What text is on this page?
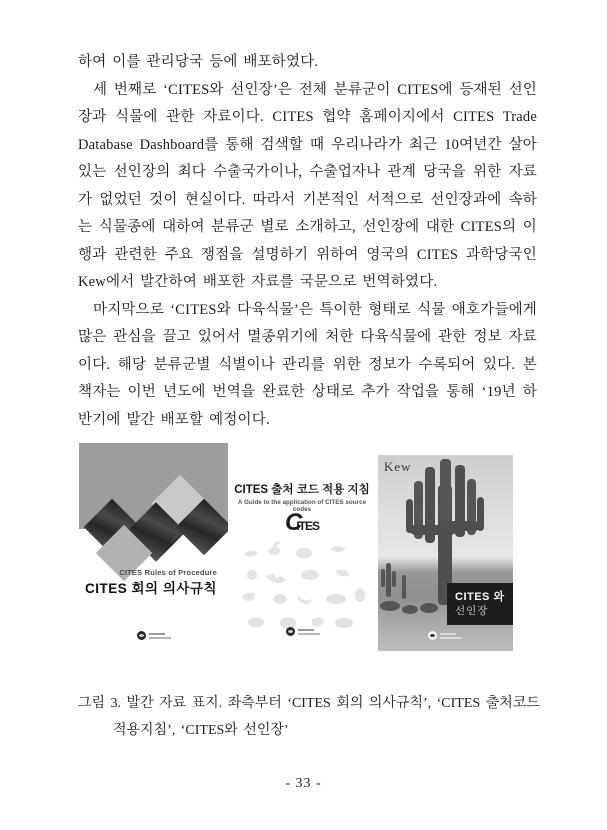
하여 이를 관리당국 등에 배포하였다.

세 번째로 ‘CITES와 선인장’은 전체 분류군이 CITES에 등재된 선인장과 식물에 관한 자료이다. CITES 협약 홈페이지에서 CITES Trade Database Dashboard를 통해 검색할 때 우리나라가 최근 10여년간 살아있는 선인장의 최다 수출국가이나, 수출업자나 관계 당국을 위한 자료가 없었던 것이 현실이다. 따라서 기본적인 서적으로 선인장과에 속하는 식물종에 대하여 분류군 별로 소개하고, 선인장에 대한 CITES의 이행과 관련한 주요 쟁점을 설명하기 위하여 영국의 CITES 과학당국인 Kew에서 발간하여 배포한 자료를 국문으로 번역하였다.

마지막으로 ‘CITES와 다육식물’은 특이한 형태로 식물 애호가들에게 많은 관심을 끌고 있어서 멸종위기에 처한 다육식물에 관한 정보 자료이다. 해당 분류군별 식별이나 관리를 위한 정보가 수록되어 있다. 본 책자는 이번 년도에 번역을 완료한 상태로 추가 작업을 통해 ‘19년 하반기에 발간 배포할 예정이다.

CITES Rules of Procedure
CITES 회의 의사규칙
CITES 출처 코드 적용 지침
A Guide to the application of CITES source codes
CITES
Kew
CITES 와
선인장
그림 3. 발간 자료 표지. 좌측부터 ‘CITES 회의 의사규칙’, ‘CITES 출처코드
적용지침’, ‘CITES와 선인장’
- 33 -
